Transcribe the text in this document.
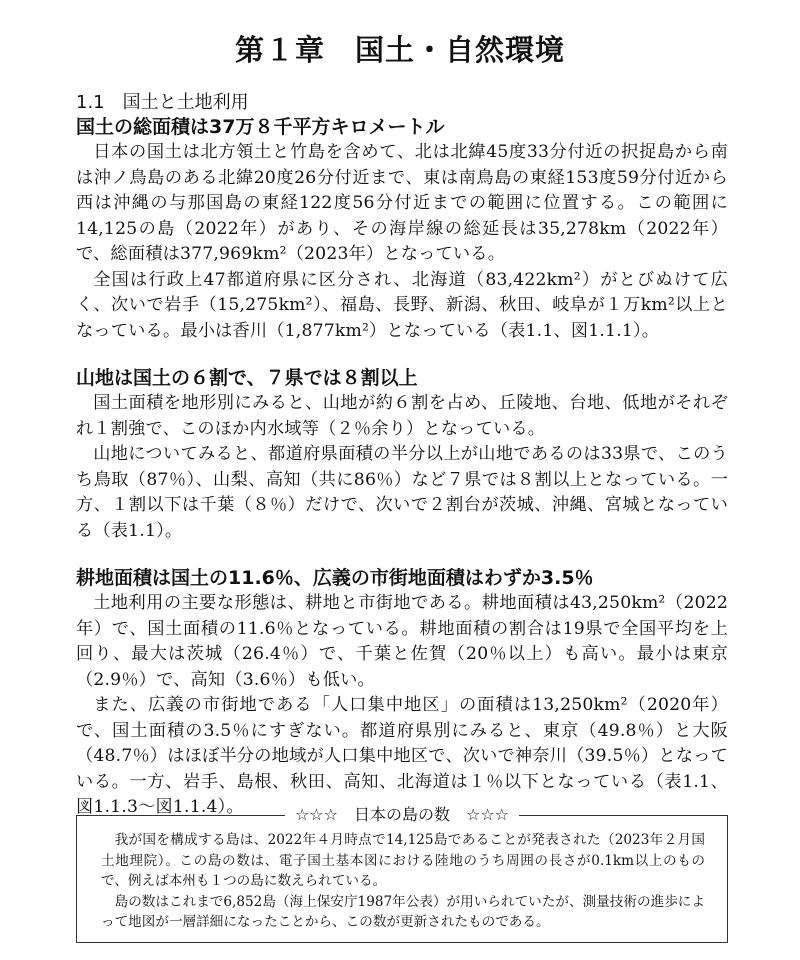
第１章　国土・自然環境
1.1　国土と土地利用
国土の総面積は37万８千平方キロメートル

日本の国土は北方領土と竹島を含めて、北は北緯45度33分付近の択捉島から南は沖ノ鳥島のある北緯20度26分付近まで、東は南鳥島の東経153度59分付近から西は沖縄の与那国島の東経122度56分付近までの範囲に位置する。この範囲に14,125の島（2022年）があり、その海岸線の総延長は35,278km（2022年）で、総面積は377,969km²（2023年）となっている。

全国は行政上47都道府県に区分され、北海道（83,422km²）がとびぬけて広く、次いで岩手（15,275km²）、福島、長野、新潟、秋田、岐阜が１万km²以上となっている。最小は香川（1,877km²）となっている（表1.1、図1.1.1）。

山地は国土の６割で、７県では８割以上

国土面積を地形別にみると、山地が約６割を占め、丘陵地、台地、低地がそれぞれ１割強で、このほか内水域等（２％余り）となっている。

山地についてみると、都道府県面積の半分以上が山地であるのは33県で、このうち鳥取（87％）、山梨、高知（共に86％）など７県では８割以上となっている。一方、１割以下は千葉（８％）だけで、次いで２割台が茨城、沖縄、宮城となっている（表1.1）。

耕地面積は国土の11.6％、広義の市街地面積はわずか3.5％

土地利用の主要な形態は、耕地と市街地である。耕地面積は43,250km²（2022年）で、国土面積の11.6％となっている。耕地面積の割合は19県で全国平均を上回り、最大は茨城（26.4％）で、千葉と佐賀（20％以上）も高い。最小は東京（2.9％）で、高知（3.6％）も低い。

また、広義の市街地である「人口集中地区」の面積は13,250km²（2020年）で、国土面積の3.5％にすぎない。都道府県別にみると、東京（49.8％）と大阪（48.7％）はほぼ半分の地域が人口集中地区で、次いで神奈川（39.5％）となっている。一方、岩手、島根、秋田、高知、北海道は１％以下となっている（表1.1、図1.1.3～図1.1.4）。	☆☆☆　日本の島の数　☆☆☆

我が国を構成する島は、2022年４月時点で14,125島であることが発表された（2023年２月国土地理院）。この島の数は、電子国土基本図における陸地のうち周囲の長さが0.1km以上のもので、例えば本州も１つの島に数えられている。

島の数はこれまで6,852島（海上保安庁1987年公表）が用いられていたが、測量技術の進歩によって地図が一層詳細になったことから、この数が更新されたものである。
